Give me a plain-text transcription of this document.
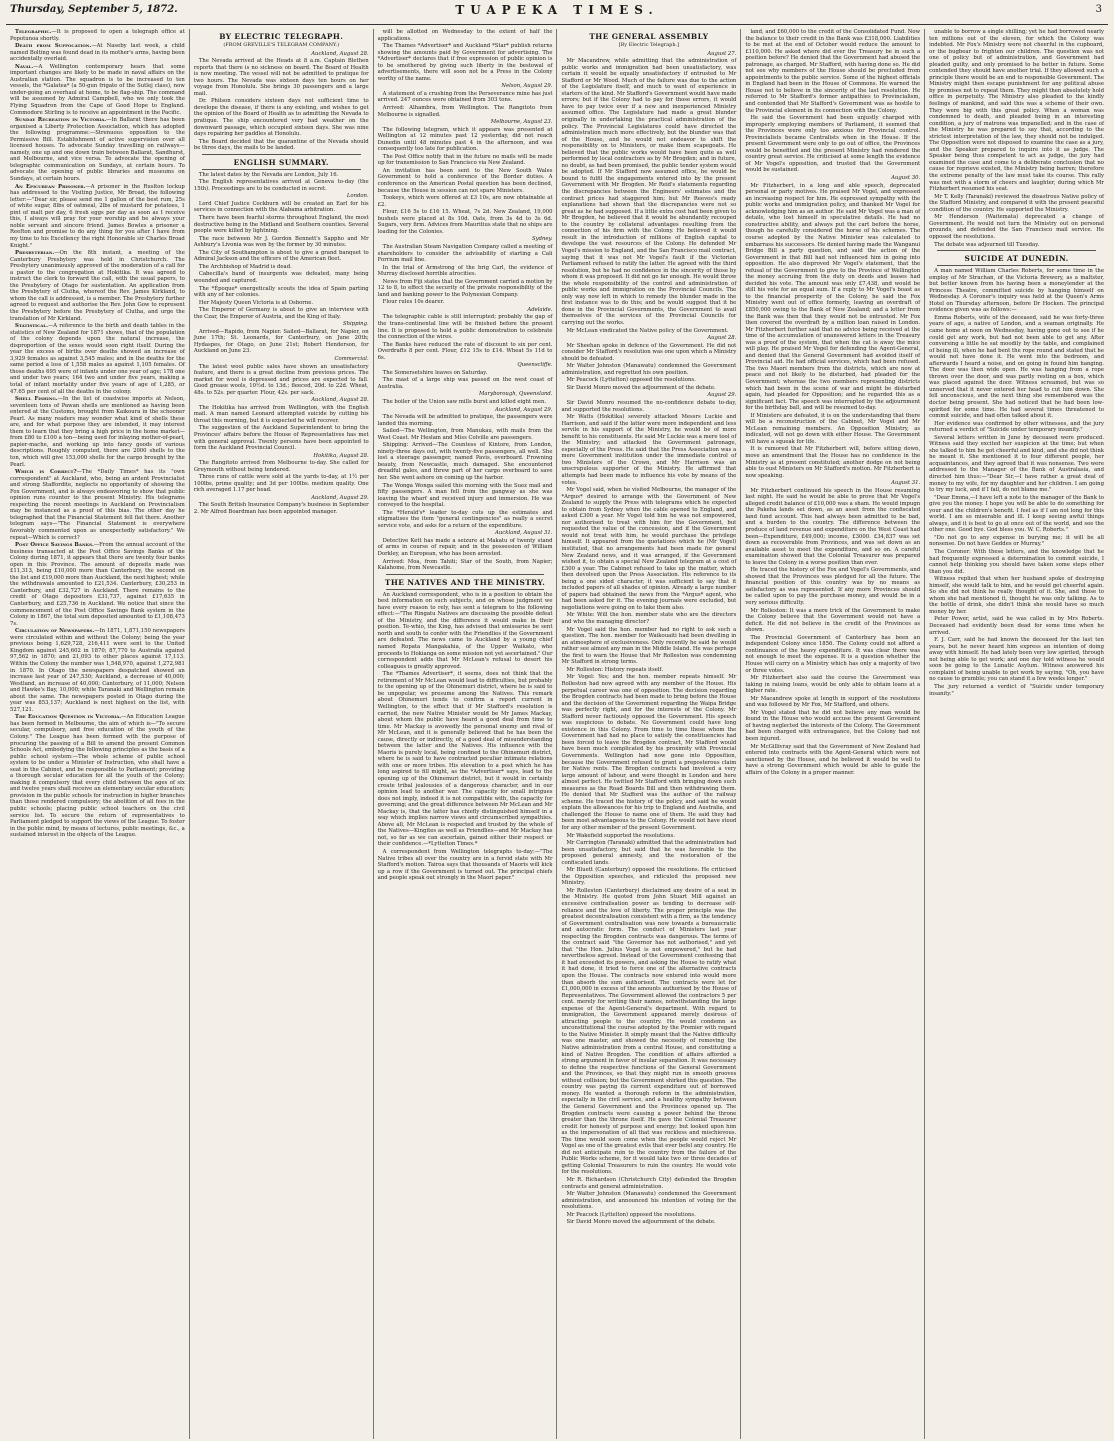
Thursday, September 5, 1872.	TUAPEKA TIMES.	3

Telegraphic.—It is proposed to open a telegraph office at Popotunoa shortly.

Death from Suffocation.—At Naseby last week, a child named Bolting was found dead in its mother's arms, having been accidentally overlaid.

Naval.—A Wellington contemporary hears that some important changes are likely to be made in naval affairs on the Australian station. The squadron is to be increased to ten vessels, the *Galatea* (a 50-gun frigate of the Sutlej class), now under-going an overhaul at home, to be flag-ship. The command will be assumed by Admiral Campbell, who we only took the Flying Squadron from the Cape of Good Hope to England. Commodore Stirling is to receive an appointment in the Pacific.

Sunday Recreation in Victoria.—In Ballarat there has been organised a Liberty Protection Association, which has adopted the following programme:—Strenuous opposition to the Permissive Bill. Establishment of active supervision over all licensed houses. To advocate Sunday travelling on railways—namely, one up and one down train between Ballarat, Sandhurst, and Melbourne, and vice versa. To advocate the opening of telegraphic communication on Sundays, at certain hours. To advocate the opening of public libraries and museums on Sundays, at certain hours.

An Epicurean Prisoner.—A prisoner in the Ruslton lockup has addressed to the Visiting Justice, Mr Broad, the following letter:—"Dear sir, please send me 1 gallon of the best rum, 25s of white sugar, 8lbs of oatmeal, 2lbs of mustard for potatoes, 1 pint of malt per day, 6 fresh eggs per day as soon as I receive this, I always will pray for your worship and be always your noble servant and sincere friend. James Bowles a prisoner a Reefton and promise to do any thing for you after I have from my time to his Excellency the right Honorable sir Charles Broad Knight."

Presbyterian.—On the 8th instant, a meeting of the Canterbury Presbytery was held in Christchurch. The Presbytery unanimously approved of the moderation of a call for a pastor to the congregation at Hokitika. It was agreed to instruct the clerk to forward the call, with the usual papers, to the Presbytery of Otago for sustentation. An application from the Presbytery of Clutha, whereof the Rev. James Kirkland, to whom the call is addressed, is a member. The Presbytery further agreed to request and authorise the Rev. John Gow to represent the Presbytery before the Presbytery of Clutha, and urge the translation of Mr Kirkland.

Statistical.—A reference to the birth and death tables in the statistics of New Zealand for 1871 shows, that of the population of the colony depends upon the natural increase, the disproportion of the sexes would soon right itself. During the year the excess of births over deaths showed an increase of 3,929 females as against 3,545 males; and in the deaths for the same period a loss of 1,558 males as against 1,105 females. Of those deaths 695 were of infants under one year of age; 178 one and under two years; 164 two and under five years, making a total of infant mortality under five years of age of 1,285, or 47.65 per cent of all the deaths in the colony.

Shell Fishing.—In the list of coastwise imports at Nelson, seventeen tons of Pawan shells are mentioned as having been entered at the Customs, brought from Kaikoura in the schooner Pearl. As many readers may wonder what kind of shells these are, and for what purpose they are intended, it may interest them to learn that they bring a high price in the home market—from £80 to £100 a ton—being used for inlaying mother-of-pearl, papier-mache, and working up into fancy goods of various descriptions. Roughly computed, there are 2000 shells to the ton, which will give 153,000 shells for the cargo brought by the Pearl.

Which is Correct?—The *Daily Times* has its "own correspondent" at Auckland, who, being an ardent Provincialist and strong Staffordite, neglects no opportunity of showing the Fox Government, and is always endeavoring to show that public opinion runs counter to the present Ministry. His telegrams respecting the recent meetings in Auckland on Provincialism may be instanced as a proof of this bias. The other day he telegraphed that the Financial Statement fell flat there. Another telegram says—"The Financial Statement is everywhere favorably commented upon as unexpectedly satisfactory." We repeat—Which is correct?

Post Office Savings Banks.—From the annual account of the business transacted at the Post Office Savings Banks of the Colony during 1871, it appears that there are twenty four banks open in this Province. The amount of deposits made was £11,313, being £10,000 more than Canterbury, the second on the list and £19,000 more than Auckland, the next highest; while the withdrawals amounted to £21,534. Canterbury, £30,253 in Canterbury, and £32,727 in Auckland. There remains to the credit of Otago depositors £31,737, against £17,635 in Canterbury, and £25,736 in Auckland. We notice that since the commencement of the Post Office Savings Bank system in the Colony in 1867, the total sum deposited amounted to £1,108,473 7s.

Circulation of Newspapers.—In 1871, 1,871,150 newspapers were circulated within and without the Colony; being the year previous being 1,629,728, 216,411 were sent to the United Kingdom against 245,602 in 1870; 87,770 to Australia against 97,562 in 1870; and 21,093 to other places against 17,113. Within the Colony the number was 1,548,970, against 1,272,981 in 1870. In Otago the newspapers despatched showed an increase last year of 247,530; Auckland, a decrease of 40,000; Westland, an increase of 40,000; Canterbury, of 11,000; Nelson and Hawke's Bay, 10,000; while Taranaki and Wellington remain about the same. The newspapers posted in Otago during the year was 853,137; Auckland is next highest on the list, with 527,121.

The Education Question in Victoria.—An Education League has been formed in Melbourne, the aim of which is—"To secure secular, compulsory, and free education of the youth of the Colony." The League has been formed with the purpose of procuring the passing of a Bill to amend the present Common Schools Act, embodying the following principles as the basis of a public school system:—The whole scheme of public school system to be under a Minister of Instruction, who shall have a seat in the Cabinet, and be responsible to Parliament; providing a thorough secular education for all the youth of the Colony; making it compulsory that every child between the ages of six and twelve years shall receive an elementary secular education; provision in the public schools for instruction in higher branches than those rendered compulsory; the abolition of all fees in the public schools; placing public school teachers on the civil service list. To secure the return of representatives to Parliament pledged to support the views of the League. To foster in the public mind, by means of lectures, public meetings, &c., a sustained interest in the objects of the League.

BY ELECTRIC TELEGRAPH.
(FROM GREVILLE'S TELEGRAM COMPANY.)
Auckland, August 28.

The Nevada arrived at the Heads at 8 a.m. Captain Blethen reports that there is no sickness on board. The Board of Health is now meeting. The vessel will not be admitted to pratique for two hours. The Nevada was sixteen days ten hours on her voyage from Honolulu. She brings 30 passengers and a large mail.

Dr. Philson considers sixteen days not sufficient time to develope the disease, if there is any existing, and wishes to get the opinion of the Board of Health as to admitting the Nevada to pratique. The ship encountered very bad weather on the downward passage, which occupied sixteen days. She was nine days repairing her paddles at Honolulu.

The Board decided that the quarantine of the Nevada should be three days, the mails to be landed.

ENGLISH SUMMARY.

The latest dates by the Nevada are London, July 16.

The English representatives arrived at Geneva to-day (the 15th). Proceedings are to be conducted in secret.

London.

Lord Chief Justice Cockburn will be created an Earl for his services in connection with the Alabama arbitration.

There have been fearful storms throughout England, the most destructive being in the Midland and Southern counties. Several people were killed by lightning.

The race between Mr J. Gordon Bennett's Sappho and Mr Ashbury's Livonia was won by the former by 30 minutes.

The City of Southampton is about to give a grand banquet to Admiral Jackson and the officers of the American fleet.

The Archbishop of Madrid is dead.

Cabecilla's band of insurgents was defeated, many being wounded and captured.

The *Époque* energetically scouts the idea of Spain parting with any of her colonies.

Her Majesty Queen Victoria is at Osborne.

The Emperor of Germany is about to give an interview with the Czar, the Emperor of Austria, and the King of Italy.

Shipping.

Arrived—Rapido, from Napier. Sailed—Ballarat, for Napier, on June 17th; St. Leonards, for Canterbury, on June 20th; Hydaspes, for Otago, on June 21st; Robert Henderson, for Auckland on June 23.

Commercial.

The latest wool public sales have shown an unsatisfactory feature, and there is a great decline from previous prices. The market for wool is depressed and prices are expected to fall. Good grease wools, 10½d. to 13d.; fleeced, 20d. to 22d. Wheat, 48s. to 52s. per quarter. Flour, 42s. per sack.

Auckland, August 28.

The Hokitika has arrived from Wellington, with the English mail. A man named Leonard attempted suicide by cutting his throat this morning, but it is expected he will recover.

The suggestion of the Auckland Superintendent to bring the Provinces' affairs before the House of Representatives has met with general approval. Twenty persons have been appointed to form the Auckland Provincial Council.

Hokitika, August 28.

The Rangitoto arrived from Melbourne to-day. She called for Greymouth without being tendered.

Three runs of cattle were sold at the yards to-day, at 1½ per 100lbs, prime quality; and 3d per 100lbs. medium quality. One rich averaged 1.17 per head.

Auckland, August 29.

The South British Insurance Company's business in September 2. Mr Alfred Boardman has been appointed manager.

will be allotted on Wednesday to the extent of half the applications.

The Thames *Advertiser* and Auckland *Star* publish returns showing the amounts paid by Government for advertising. The *Advertiser* declares that if free expression of public opinion is to be smothered by giving such liberty in the bestowal of advertisements, there will soon not be a Press in the Colony worthy of the name.

Nelson, August 29.

A statement of a crushing from the Perseverance mine has just arrived. 247 ounces were obtained from 303 tons.

Arrived: Alhambra, from Wellington. The Rangitoto from Melbourne is signalled.

Melbourne, August 23.

The following telegram, which it appears was presented at Wellington at 12 minutes past 12 yesterday, did not reach Dunedin until 48 minutes past 4 in the afternoon, and was consequently too late for publication.

The Post Office notify that in the future no mails will be made up for transmission to San Francisco via New Zealand.

An invitation has been sent to the New South Wales Government to hold a conference of the Border duties. A conference on the American Postal question has been declined, because the House in session can not spare Ministers.

Tookeys, which were offered at £3 10s, are now obtainable at £2.

Flour, £16 5s to £16 15. Wheat, 7s 2d. New Zealand, 19,000 bushels were placed at 8s 10d. Oats, from 3s 4d to 3s 6d. Sugars, very firm. Advices from Mauritius state that no ships are loading for the Colonies.

Sydney.

The Australian Steam Navigation Company called a meeting of shareholders to consider the advisability of starting a Cali Forrium mail line.

In the trial of Armstrong of the brig Carl, the evidence of Murray disclosed horrible atrocities.

News from Fiji states that the Government carried a motion by 12 to 8, to effect the security of the private responsibility of the land and banking power to the Polynesian Company.

Flour rules 10s dearer.

Adelaide.

The telegraphic cable is still interrupted; probably the gap of the trans-continental line will be finished before the present line. It is proposed to hold a public demonstration to celebrate the connection of the wires.

The Banks have reduced the rate of discount to six per cent. Overdrafts 8 per cent. Flour, £12 15s to £14. Wheat 5s 11d to 6s.

Queenscliffe.

The Somersetshire leaves on Saturday.

The mast of a large ship was passed on the west coast of Australia.

Maryborough, Queensland.

The boiler of the Union saw mills burst and killed eight men.

Auckland, August 29.

The Nevada will be admitted to pratique, the passengers were landed this morning.

Sailed—The Wellington, from Manukau, with mails from the West Coast. Mr Heslam and Miss Colville are passengers.

Shipping: Arrived—The Countess of Kintore, from London, ninety-three days out, with twenty-five passengers, all well. She lost a steerage passenger, named Pavis, overboard. Frowning beauty, from Newcastle, much damaged. She encountered dreadful gales, and threw part of her cargo overboard to save her. She went ashore on coming up the harbor.

The Wonga Wonga sailed this morning with the Suez mail and fifty passengers. A man fell from the gangway as she was leaving the wharf and received injury and immersion. He was conveyed to the hospital.

The *Herald's* leader to-day cuts up the estimates and stigmatises the item "general contingencies" as really a secret service vote, and asks for a return of the expenditure.

Auckland, August 31.

Detective Kett has made a seizure at Makatu of twenty stand of arms in course of repair, and in the possession of William Dorkley, an European, who has been arrested.

Arrived: Moa, from Tahiti; Star of the South, from Napier; Kalahome, from Newcastle.

THE NATIVES AND THE MINISTRY.

An Auckland correspondent, who is in a position to obtain the best information on such subjects, and on whose judgment we have every reason to rely, has sent a telegram to the following effect:—"The Ringatu Natives are discussing the possible defeat of the Ministry, and the difference it would make in their position. Te-whio, the King, has advised that emissaries be sent north and south to confer with the Friendlies if the Government are defeated. The news came to Auckland by a young chief named Ropata Mangakahia, of the Upper Waikato, who proceeds to Hokianga on some mission not yet ascertained." Our correspondent adds that Mr McLean's refusal to desert his colleagues is greatly approved.

The *Thames Advertiser*, it seems, does not think that the retirement of Mr McLean would lead to difficulties, but probably to the opening up of the Ohinemuri district, where he is said to be unpopular, we presume among the Natives. This remark about Ohinemuri tends to confirm a report current in Wellington, to the effect that if Mr Stafford's resolution is carried, the new Native Minister would be Mr James Mackay, about whom the public have heard a good deal from time to time. Mr Mackay is avowedly the personal enemy and rival of Mr McLean, and it is generally believed that he has been the cause, directly or indirectly, of a good deal of misunderstanding between the latter and the Natives. His influence with the Maoris is purely local, being confined to the Ohinemuri district, where he is said to have contracted peculiar intimate relations with one or more tribes. His elevation to a post which he has long aspired to fill might, as the *Advertiser* says, lead to the opening up of the Ohinemuri district, but it would in certainly create tribal jealousies of a dangerous character, and in our opinion lead to another war. The capacity for small intrigues does not imply, indeed it is not compatible with, the capacity for governing; and the great difference between Mr McLean and Mr Mackay is, that the latter has chiefly distinguished himself in a way which implies narrow views and circumscribed sympathies. Above all, Mr McLean is respected and trusted by the whole of the Natives—Kingites as well as Friendlies—and Mr Mackay has not, so far as we can ascertain, gained either their respect or their confidence.—*Lyttelton Times.*

A correspondent from Wellington telegraphs to-day:—"The Native tribes all over the country are in a fervid state with Mr Stafford's motion. Tairoa says that thousands of Maoris will kick up a row if the Government is turned out. The principal chiefs and people speak out strongly in the Maori paper."

THE GENERAL ASSEMBLY
[By Electric Telegraph.]
August 27.

Mr Macandrew, while admitting that the administration of public works and immigration had been unsatisfactory, was certain it would be equally unsatisfactory if entrusted to Mr Stafford or Mr Wood. Much of the failure was due to the action of the Legislature itself, and much to want of experience in starters of the kind. Mr Stafford's Government would have made errors; but if the Colony had to pay for those errors, it would have to pay twice over if a new and inexperienced Ministry assumed office. The Legislature had made a great blunder originally in undertaking the practical administration of the policy. The Provincial Legislatures could have directed the administration much more effectively, but the blunder was that of the House, and he would not endeavor to shift the responsibility on to Ministers, or make them scapegoats. He believed that the public works would have been quite as well performed by local contractors as by Mr Brogden; and in future, no doubt, as had been promised, the public tender system would be adopted. If Mr Stafford now assumed office, he would be bound to fulfil the engagements entered into by the present Government with Mr Brogden. Mr Reid's statements regarding the discrepancies between the Engineers' estimates and the contract prices had staggered him; but Mr Reeves's ready explanations had shown that the discrepancies were not so great as he had supposed. If a little extra cost had been given to Mr Brogden, he believed that it would be abundantly recouped to the country by collateral advantages resulting from the connection of his firm with the Colony. He believed it would result in the introduction of millions of English capital to develope the vast resources of the Colony. He defended Mr Vogel's mission to England, and the San Francisco mail contract, saying that it was not Mr Vogel's fault if the Victorian Parliament refused to ratify the latter. He agreed with the third resolution, but he had no confidence in the sincerity of those by whom it was proposed. It did not go far enough. He would throw the whole responsibility of the control and administration of public works and immigration on the Provincial Councils. The only way now left in which to remedy the blunder made in the first instance was to do this; and he would suggest that it be done in the Provincial Governments, the Government to avail themselves of the services of the Provincial Councils for carrying out the works.

Mr McLean vindicated the Native policy of the Government.

August 28.

Mr Sheehan spoke in defence of the Government. He did not consider Mr Stafford's resolution was one upon which a Ministry should be defeated.

Mr Walter Johnston (Manawatu) condemned the Government administration, and regretted his own position.

Mr Peacock (Lyttelton) opposed the resolutions.

Sir David Monro moved the adjournment of the debate.

August 29.

Sir David Monro resumed the no-confidence debate to-day, and supported the resolutions.

Mr Watts (Hokitika) severely attacked Messrs Luckie and Harrison, and said if the latter were more independent and less servile in his support of the Ministry, he would be of more benefit to his constituents. He said Mr Luckie was a mere tool of the Ministry; and attacked the Government patronage, especially of the Press. He said that the Press Association was a mere Government institution under the immediate control of two Ministers of the Crown, and Mr Harrison was an unscrupulous supporter of the Ministry. He affirmed that attempts had been made to influence his vote by means of the votes.

Mr Vogel said, when he visited Melbourne, the manager of the *Argus* desired to arrange with the Government of New Zealand to supply the Press with telegrams which he expected to obtain from Sydney when the cable opened to England, and asked £300 a year. Mr Vogel told him he was not empowered, nor authorised to treat with him for the Government, but requested the value of the concession, and if the Government would not treat with him, he would purchase the privilege himself. It appeared from the quotations which he (Mr Vogel) instituted, that no arrangements had been made for general New Zealand news, and it was arranged, if the Government wished it, to obtain a special New Zealand telegram at a cost of £300 a year. The Cabinet refused to take up the matter, which then devolved upon the Press Association. His reference to its being a one sided character, it was sufficient to say that it included papers of all shades of opinion. Already a large number of papers had obtained the news from the *Argus* agent, who had been asked for it. The evening journals were excluded, but negotiations were going on to take them also.

Mr White: Will the hon. member state who are the directors and who the managing director?

Mr Vogel said the hon. member had no right to ask such a question. The hon. member for Waikouaiti had been dwelling in an atmosphere of exclusiveness. Only recently he said he would rather see almost any man in the Middle Island. He was perhaps the first to warn the House that Mr Rolleston was condemning Mr Stafford in strong terms.

Mr Rolleston: History repeats itself.

Mr Vogel: Yes; and the hon. member repeats himself. Mr Rolleston had now agreed with any member of the House. His perpetual career was one of opposition. The decision regarding the Brogden contracts had been made to bring before the House and the decision of the Government regarding the Waipa Bridge was perfectly right, and for the interests of the Colony. Mr Stafford never factiously opposed the Government. His speech was suspicious to debate. No Government could have long existence in this Colony. From time to time these whom the Government had had no place to satisfy the constituencies had been forced to leave the Brogden contract, Mr Stafford would have been much complicated by his proximity with Provincial Governments. Wellington had now gone into Opposition, because the Government refused to grant a preposterous claim for Native rents. The Brogden contracts had involved a very large amount of labour, and were thought in London and here almost perfect. He twitted Mr Stafford with bringing down such measures as the Road Boards Bill and then withdrawing them. He denied that Mr Stafford was the author of the railway scheme. He traced the history of the policy, and said he would explain the allowances for his trip to England and Australia, and challenged the House to name one of them. He said they had been most advantageous to the Colony. He would not have stood for any other member of the present Government.

Mr Wakefield supported the resolutions.

Mr Carrington (Taranaki) admitted that the administration had been unsatisfactory, but said that he was favorable to the proposed general amnesty, and the restoration of the confiscated lands.

Mr Bluett (Canterbury) opposed the resolutions. He criticised the Opposition speeches, and ridiculed the proposed new Ministry.

Mr Rolleston (Canterbury) disclaimed any desire of a seat in the Ministry. He quoted from John Stuart Mill against an excessive centralisation power as tending to decrease self-reliance and the love of liberty. The proper principle was the greatest decentralisation consistent with a firm, as the tendency of Government centralisation was now towards a bureaucratic and autocratic form. The conduct of Ministers last year respecting the Brogden contracts was dangerous. The terms of the contract said "the Governor has not authorised," and yet that "the Hon. Julius Vogel is not empowered," but he had nevertheless agreed. Instead of the Government confessing that it had exceeded its powers, and asking the House to ratify what it had done, it tried to force one of the alternative contracts upon the House. The contracts now entered into would more than absorb the sum authorised. The contracts were let for £1,000,000 in excess of the amounts authorised by the House of Representatives. The Government allowed the contractors 5 per cent. merely for writing their names, notwithstanding the large expense of the Agent-General's department. With regard to immigration, the Government appeared merely desirous of attracting people to the country. He would condemn as unconstitutional the course adopted by the Premier with regard to the Native Minister. It simply meant that the Native difficulty was one master, and showed the necessity of removing the Native administration from a central House, and constituting a kind of Native Brogden. The condition of affairs afforded a strong argument in favor of insular separation. It was necessary to define the respective functions of the General Government and the Provinces, so that they might run in smooth grooves without collision; but the Government shirked this question. The country was paying its current expenditure out of borrowed money. He wanted a thorough reform in the administration, especially in the civil service, and a healthy sympathy between the General Government and the Provinces opened up. The Brogden contracts were causing a power behind the throne greater than the throne itself. He gave the Colonial Treasurer credit for honesty of purpose and energy; but looked upon him as the impersonation of all that was reckless and mischievous. The time would soon come when the people would reject Mr Vogel as one of the greatest evils that ever befel any country. He did not anticipate ruin to the country from the failure of the Public Works scheme, for it would take two or three decades of getting Colonial Treasurers to ruin the country. He would vote for the resolutions.

Mr R. Richardson (Christchurch City) defended the Brogden contracts and general administration.

Mr Walter Johnston (Manawatu) condemned the Government administration, and announced his intention of voting for the resolutions.

Mr Peacock (Lyttelton) opposed the resolutions.

Sir David Monro moved the adjournment of the debate.

land, and £60,000 to the credit of the Consolidated Fund. Now the balance to their credit in the Bank was £318,000. Liabilities to be met at the end of October would reduce the amount to £110,000. He asked where did ever the Treasury be in such a position before? He denied that the Government had abused the patronage, as charged. Mr Stafford, with having done so. He did not see why members of the House should be precluded from appointments to the public service. Some of the highest officials in England had been in the House of Commons. He warned the House not to believe in the sincerity of the last resolution. He referred to Mr Stafford's former antipathies to Provincialism, and contended that Mr Stafford's Government was as hostile to the Provincial element in its connection with the Colony.

He said the Government had been unjustly charged with improperly employing members of Parliament, it seemed that the Provinces were only too anxious for Provincial control. Provincialists became Centralists when in the House. If the present Government were only to go out of office, the Provinces would be benefited and the present Ministry had rendered the country great service. He criticised at some length the evidence of Mr Vogel's opposition, and trusted that the Government would be sustained.

August 30.

Mr Fitzherbert, in a long and able speech, deprecated personal or party motives. He praised Mr Vogel, and expressed an increasing respect for him. He expressed sympathy with the public works and immigration policy, and thanked Mr Vogel for acknowledging him as an author. He said Mr Vogel was a man of details, who lost himself in speculative details. He had no constructive ability, and always put the cart before the horse, though he carefully considered the horse of his schemes. The course adopted by the Native Minister was calculated to embarrass his successors. He denied having made the Wanganui Bridge Bill a party question, and said the action of the Government in that Bill had not influenced him in going into opposition. He also disproved Mr Vogel's statement, that the refusal of the Government to give to the Province of Wellington the money accruing from the duty on deeds and leases had decided his vote. The amount was only £7,438, and would be still his vote for an equal sum. If a reply to Mr Vogel's boast as to the financial prosperity of the Colony, he said the Fox Ministry went out of office formerly, leaving an overdraft of £850,000 owing to the Bank of New Zealand; and a letter from the Bank was then that they would not be entrusted. Mr Fox then covered the overdraft by a million loan raised in London. Mr Fitzherbert further said that no advice being received at the time of the accumulation of unanswered letters in the Treasury was a proof of the system, that when the cat is away the mice will play. He praised Mr Vogel for defending the Agent-General, and denied that the General Government had avoided itself of Provincial aid. He had official services, which had been refused. The two Maori members from the districts, which are now at peace and not likely to be disturbed, had pleaded for the Government; whereas the two members representing districts which had been in the scene of war and might be disturbed again, had pleaded for Opposition; and he regarded this as a significant fact. The speech was interrupted by the adjournment for the birthday ball, and will be resumed to-day.

If Ministers are defeated, it is on the understanding that there will be a reconstruction of the Cabinet, Mr Vogel and Mr McLean remaining members. An Opposition Ministry, as indicated, will not go down with either House. The Government will have a squeak for life.

It is rumored that Mr Fitzherbert will, before sitting down, move an amendment that the House has no confidence in the Ministry as at present constituted; another dodge on not being able to oust Ministers on Mr Stafford's motion. Mr Fitzherbert is now speaking.

August 31.

Mr Fitzherbert continued his speech in the House resuming last night. He said he would be able to prove that Mr Vogel's alleged credit balance of £10,000 was a sham. He would impugn the Pakeha lands set down, as an asset from the confiscated land fund account. This had always been admitted to be bad, and a burden to the country. The difference between the produce of land revenue and expenditure on the West Coast had been—Expenditure, £49,000; income, £3000. £34,837 was set down as recoverable from Provinces, and was set down as an available asset to meet the expenditure, and so on. A careful examination showed that the Colonial Treasurer was prepared to leave the Colony in a worse position than ever.

He traced the history of the Fox and Vogel's Governments, and showed that the Provinces was pledged for all the future. The financial position of this country was by no means as satisfactory as was represented. If any more Provinces should be called upon to pay the purchase money, and would be in a very serious difficulty.

Mr Rolleston: It was a mere trick of the Government to make the Colony believe that the Government would not have a deficit. He did not believe in the credit of the Provinces as shown.

The Provincial Government of Canterbury has been an independent Colony since 1856. The Colony could not afford a continuance of the heavy expenditure. It was clear there was not enough to meet the expense. It is a question whether the House will carry on a Ministry which has only a majority of two or three votes.

Mr Fitzherbert also said the course the Government was taking in raising loans, would be only able to obtain loans at a higher rate.

Mr Macandrew spoke at length in support of the resolutions and was followed by Mr Fox, Mr Stafford, and others.

Mr Vogel stated that he did not believe any man would be found in the House who would accuse the present Government of having neglected the interests of the Colony. The Government had been charged with extravagance, but the Colony had not been injured.

Mr McGillivray said that the Government of New Zealand had entered into contracts with the Agent-General which were not sanctioned by the House, and he believed it would be well to have a strong Government which would be able to guide the affairs of the Colony in a proper manner.

unable to borrow a single shilling; yet he had borrowed nearly ten millions out of the eleven, for which the Colony was indebted. Mr Fox's Ministry were not cheerful in the cupboard, or the bugbear to frighten our children. The question was not one of policy but of administration, and Government had pleaded guilty, and only promised to be better in future. Some contended they should have another trial. If they allowed such a principle there would be an end to responsible Government. The Ministry might then escape punishment for any political abuse by promises not to repeat them. They might then absolutely hold office in perpetuity. The Ministry also pleaded to the kindly feelings of mankind, and said this was a scheme of their own. They were big with this great policy. When a woman was condemned to death, and pleaded being in an interesting condition, a jury of matrons was impanelled; and in the case of the Ministry he was prepared to say that, according to the strictest interpretation of the law, they should not be indulged. The Opposition were not disposed to examine the case as a jury, and the Speaker prepared to inquire into it as judge. The Speaker being thus competent to act as judge, the jury had examined the case and come to a deliberate conclusion that no cause for reprieve existed, the Ministry being barren; therefore the extreme penalty of the law must take its course. This rally was met with a storm of cheers and laughter, during which Mr Fitzherbert resumed his seat.

Mr T. Kelly (Taranaki) reviewed the disastrous Native policy of the Stafford Ministry, and compared it with the present peaceful condition of the country. He supported the Ministry.

Mr Henderson (Waitemata) deprecated a change of Government. He would not turn the Ministry out on personal grounds, and defended the San Francisco mail service. He opposed the resolutions.

The debate was adjourned till Tuesday.

SUICIDE AT DUNEDIN.

A man named William Charles Roberts, for some time in the employ of Mr Strachan, of the Victoria Brewery, as a maltster, but better known from his having been a moneylender at the Princess Theatre, committed suicide by hanging himself on Wednesday. A Coroner's inquiry was held at the Queen's Arms Hotel on Thursday afternoon, before Dr Hocken. The principal evidence given was as follows:—

Emma Roberts, wife of the deceased, said he was forty-three years of age, a native of London, and a seaman originally. He came home at noon on Wednesday, having gone out to see if he could get any work, but had not been able to get any. After conversing a little he sat moodily by the table, and complained of being ill, when he had bent the rope round and stated that he would not have done it. He went into the bedroom, and afterwards I heard a noise, and on going in found him hanging. The door was then wide open. He was hanging from a rope thrown over the door, and was partly resting on a box, which was placed against the door. Witness screamed, but was so unnerved that it never entered her head to cut him down. She fell unconscious, and the next thing she remembered was the doctor being present. She had noticed that he had been low-spirited for some time. He had several times threatened to commit suicide, and had often talked about it.

Her evidence was confirmed by other witnesses, and the jury returned a verdict of "Suicide under temporary insanity."

Several letters written in June by deceased were produced. Witness said they excited her suspicion at the time; but when she talked to him he got cheerful and kind, and she did not think he meant it. She mentioned it to four different people, her acquaintances, and they agreed that it was nonsense. Two were addressed to the Manager of the Bank of Australasia, and directed him thus:—"Dear Sir,—I have rather a great deal of money to my wife, for my daughter and her children. I am going to try my luck, and if I fail, do not blame me."

"Dear Emma,—I have left a note to the manager of the Bank to give you the money. I hope you will be able to do something for your and the children's benefit. I feel as if I am not long for this world. I am so miserable and ill. I keep seeing awful things always, and it is best to go at once out of the world, and see the other one. Good bye. God bless you. W. C. Roberts."

"Do not go to any expense in burying me; it will be all nonsense. Do not have Geddes or Murray."

The Coroner: With these letters, and the knowledge that he had frequently expressed a determination to commit suicide, I cannot help thinking you should have taken some steps other than you did.

Witness replied that when her husband spoke of destroying himself, she would talk to him, and he would get cheerful again. So she did not think he really thought of it. She, and those to whom she had mentioned it, thought he was only talking. As to the bottle of drink, she didn't think she would have so much money by her.

Peter Power, artist, said he was called in by Mrs Roberts. Deceased had evidently been dead for some time when he arrived.

F. J. Carr, said he had known the deceased for the last ten years, but he never heard him express an intention of doing away with himself. He had lately been very low spirited, through not being able to get work; and one day told witness he would soon be going to the Lunatic Asylum. Witness answered his complaint of being unable to get work by saying, "Oh, you have no cause to grumble; you can stand it a few weeks longer."

The jury returned a verdict of "Suicide under temporary insanity."
